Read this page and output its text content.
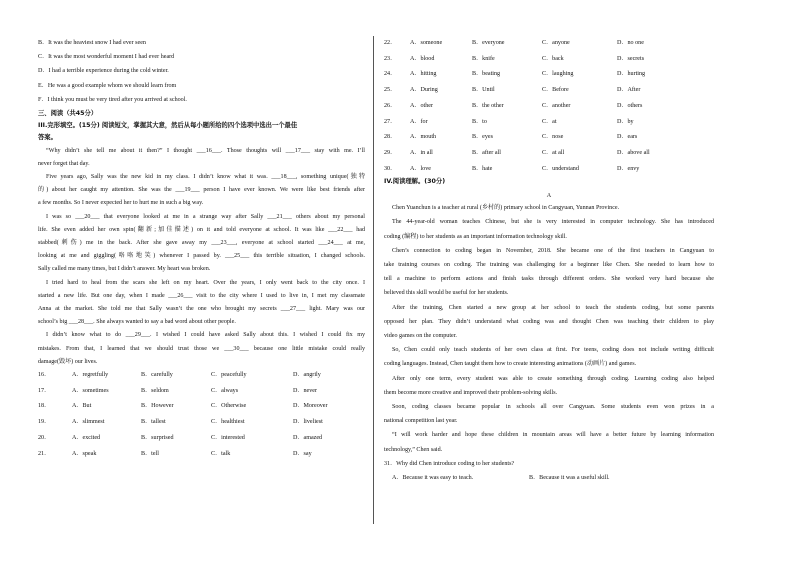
B．It was the heaviest snow I had ever seen
C．It was the most wonderful moment I had ever heard
D．I had a terrible experience during the cold winter.
E．He was a good example whom we should learn from
F．I think you must be very tired after you arrived at school.
三、阅读（共45分）
III.完形填空。(15分) 阅读短文，掌握其大意，然后从每小题所给的四个选项中选出一个最佳
答案。
“Why didn’t she tell me about it then?” I thought ___16___. Those thoughts will ___17___ stay with me. I’ll
never forget that day.
Five years ago, Sally was the new kid in my class. I didn’t know what it was. ___18___, something unique(独特
的) about her caught my attention. She was the ___19___ person I have ever known. We were like best friends after
a few months. So I never expected her to hurt me in such a big way.
I was so ___20___ that everyone looked at me in a strange way after Sally ___21___ others about my personal
life. She even added her own spin(翻新;加佳描述) on it and told everyone at school. It was like ___22___ had
stabbed(刺伤) me in the back. After she gave away my ___23___, everyone at school started ___24___ at me,
looking at me and giggling(咯咯地笑) whenever I passed by. ___25___ this terrible situation, I changed schools.
Sally called me many times, but I didn’t answer. My heart was broken.
I tried hard to heal from the scars she left on my heart. Over the years, I only went back to the city once. I
started a new life. But one day, when I made ___26___ visit to the city where I used to live in, I met my classmate
Anna at the market. She told me that Sally wasn’t the one who brought my secrets ___27___ light. Mary was our
school’s big ___28___. She always wanted to say a bad word about other people.
I didn’t know what to do ___29___. I wished I could have asked Sally about this. I wished I could fix my
mistakes. From that, I learned that we should trust those we ___30___ because one little mistake could really
damage(毁坏) our lives.
16．	A．regretfully	B．carefully	C．peacefully	D．angrily
17．	A．sometimes	B．seldom	C．always	D．never
18．	A．But	B．However	C．Otherwise	D．Moreover
19．	A．slimmest	B．tallest	C．healthiest	D．liveliest
20．	A．excited	B．surprised	C．interested	D．amazed
21．	A．speak	B．tell	C．talk	D．say
22．	A．someone	B．everyone	C．anyone	D．no one
23．	A．blood	B．knife	C．back	D．secrets
24．	A．hitting	B．beating	C．laughing	D．hurting
25．	A．During	B．Until	C．Before	D．After
26．	A．other	B．the other	C．another	D．others
27．	A．for	B．to	C．at	D．by
28．	A．mouth	B．eyes	C．nose	D．ears
29．	A．in all	B．after all	C．at all	D．above all
30．	A．love	B．hate	C．understand	D．envy
IV.阅读理解。(30分)
A
Chen Yuanchun is a teacher at rural (乡村的) primary school in Cangyuan, Yunnan Province.
The 44-year-old woman teaches Chinese, but she is very interested in computer technology. She has introduced
coding (编程) to her students as an important information technology skill.
Chen’s connection to coding began in November, 2018. She became one of the first teachers in Cangyuan to
take training courses on coding. The training was challenging for a beginner like Chen. She needed to learn how to
tell a machine to perform actions and finish tasks through different orders. She worked very hard because she
believed this skill would be useful for her students.
After the training, Chen started a new group at her school to teach the students coding, but some parents
opposed her plan. They didn’t understand what coding was and thought Chen was teaching their children to play
video games on the computer.
So, Chen could only teach students of her own class at first. For teens, coding does not include writing difficult
coding languages. Instead, Chen taught them how to create interesting animations (动画片) and games.
After only one term, every student was able to create something through coding. Learning coding also helped
them become more creative and improved their problem-solving skills.
Soon, coding classes became popular in schools all over Cangyuan. Some students even won prizes in a
national competition last year.
“I will work harder and hope these children in mountain areas will have a better future by learning information
technology,” Chen said.
31．Why did Chen introduce coding to her students?
A．Because it was easy to teach.	B．Because it was a useful skill.
